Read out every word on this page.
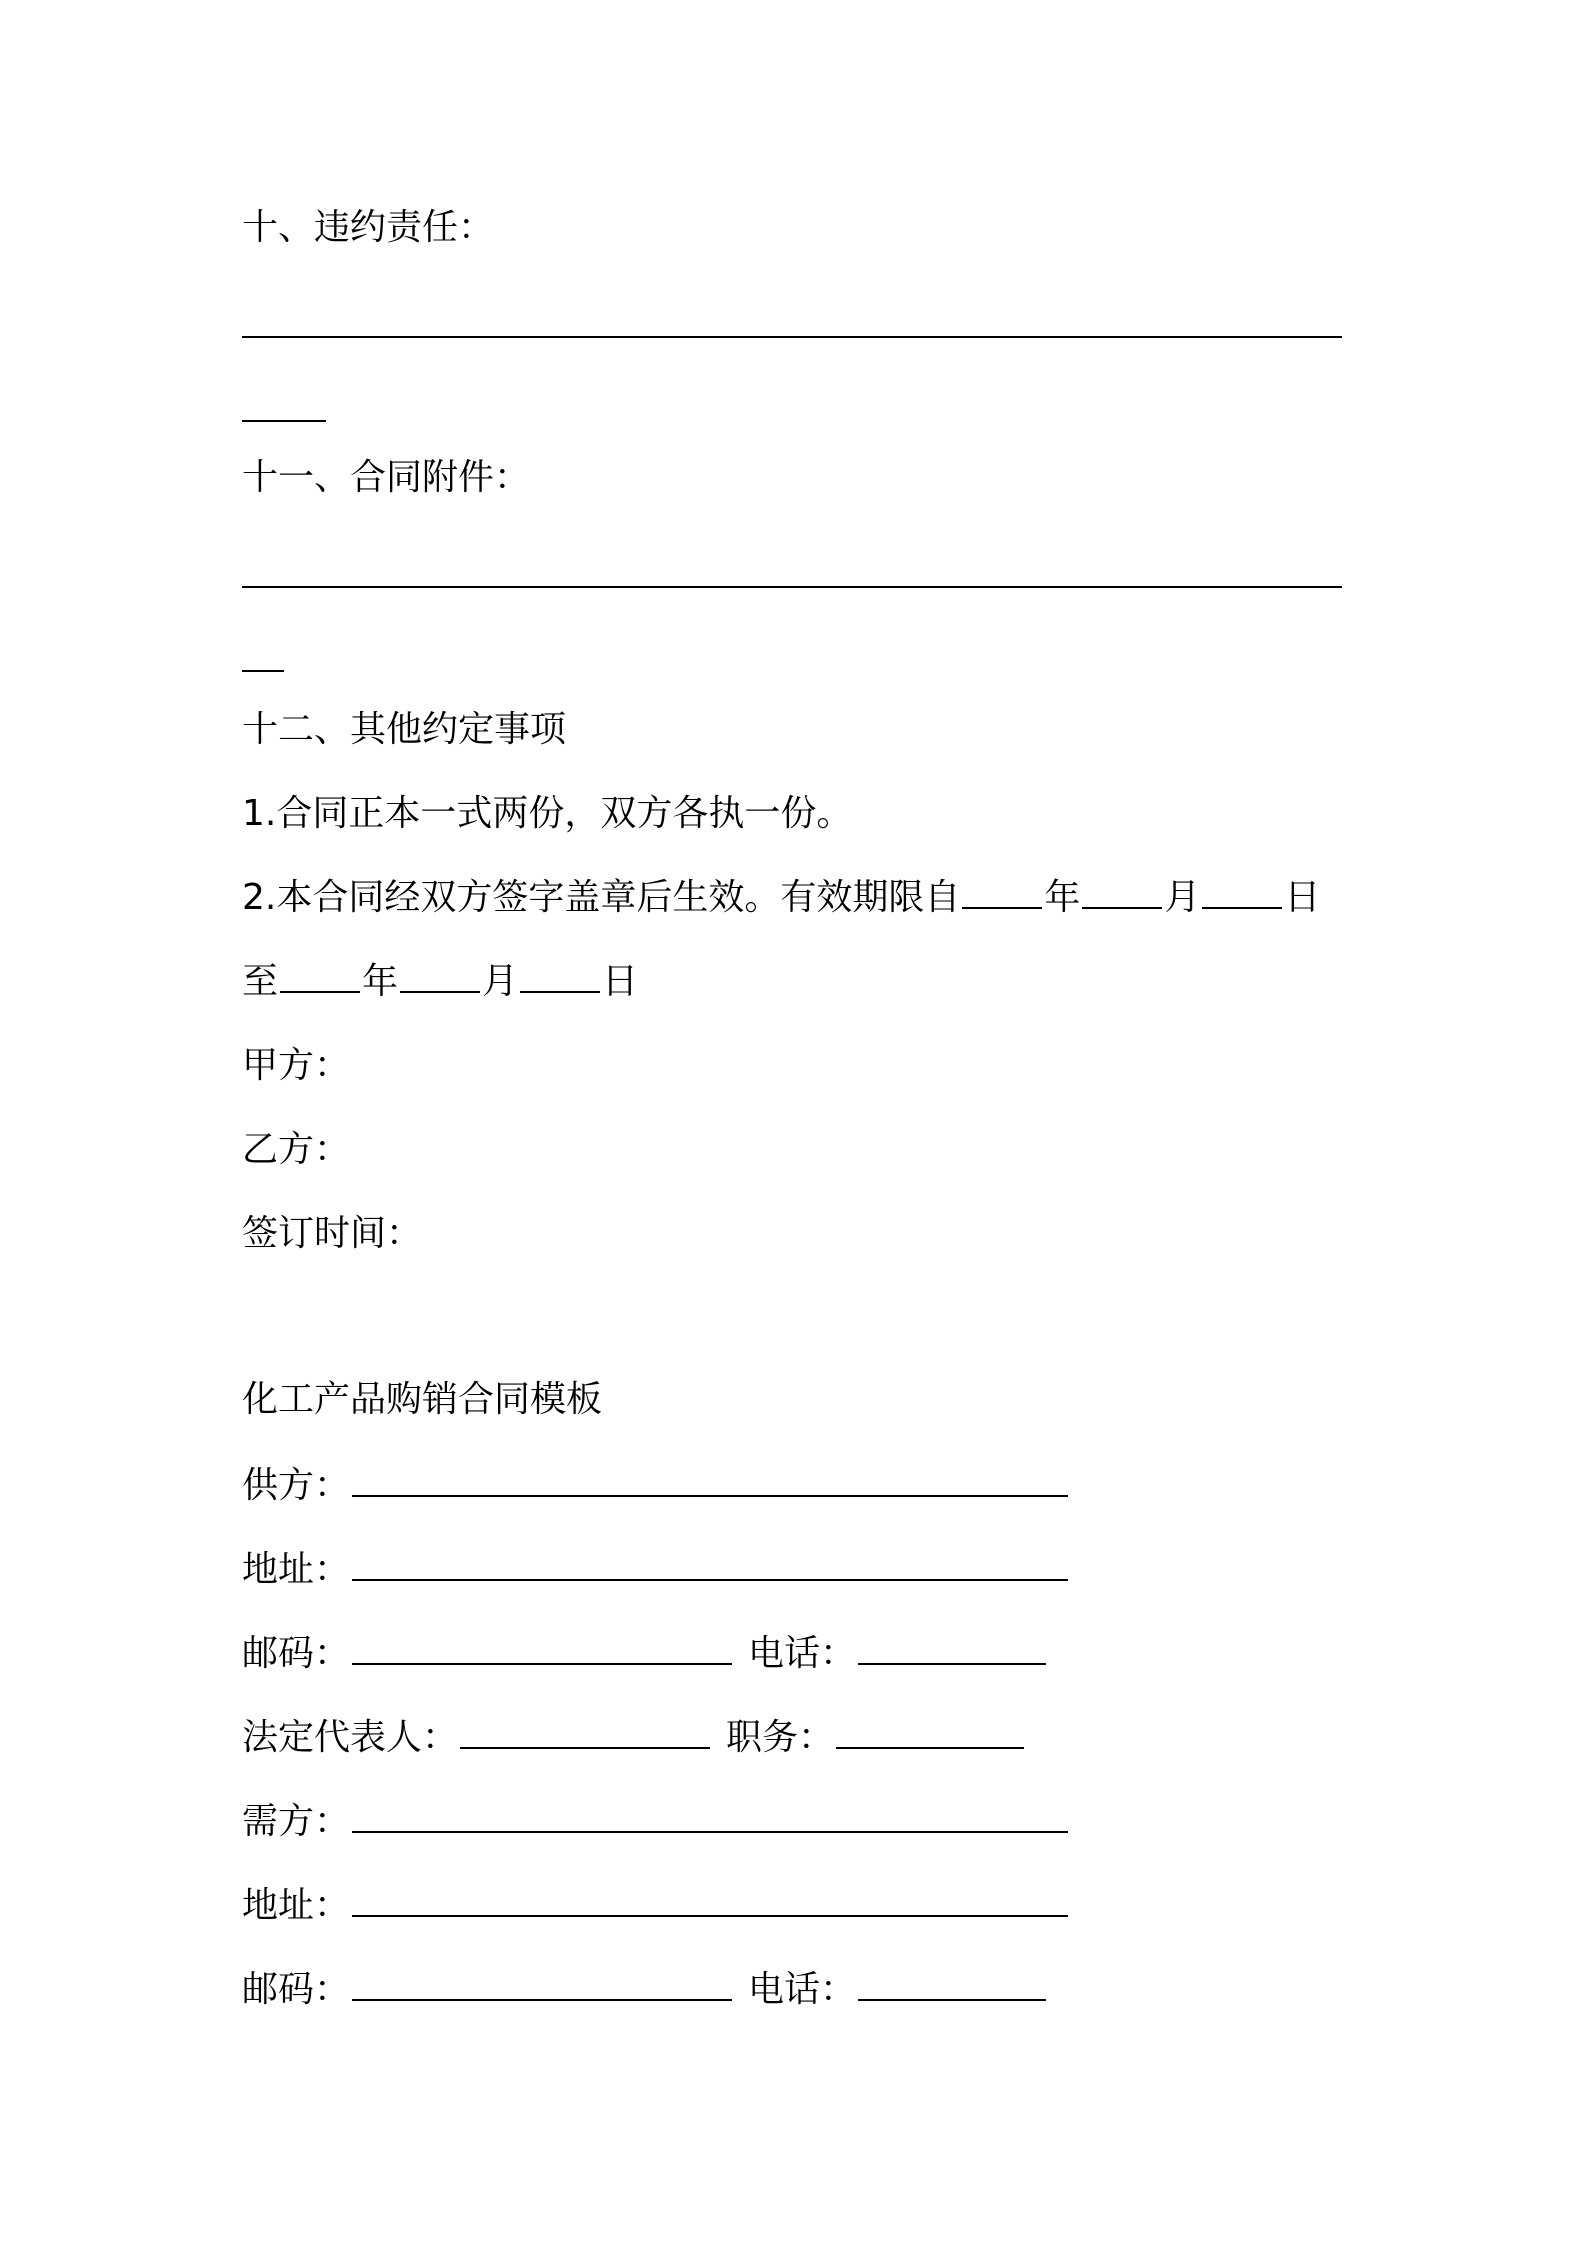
十、违约责任：
十一、合同附件：
十二、其他约定事项
1.合同正本一式两份，双方各执一份。
2.本合同经双方签字盖章后生效。有效期限自 年 月 日
至 年 月 日
甲方：
乙方：
签订时间：
化工产品购销合同模板
供方：
地址：
邮码：	电话：
法定代表人：	职务：
需方：
地址：
邮码：	电话：
